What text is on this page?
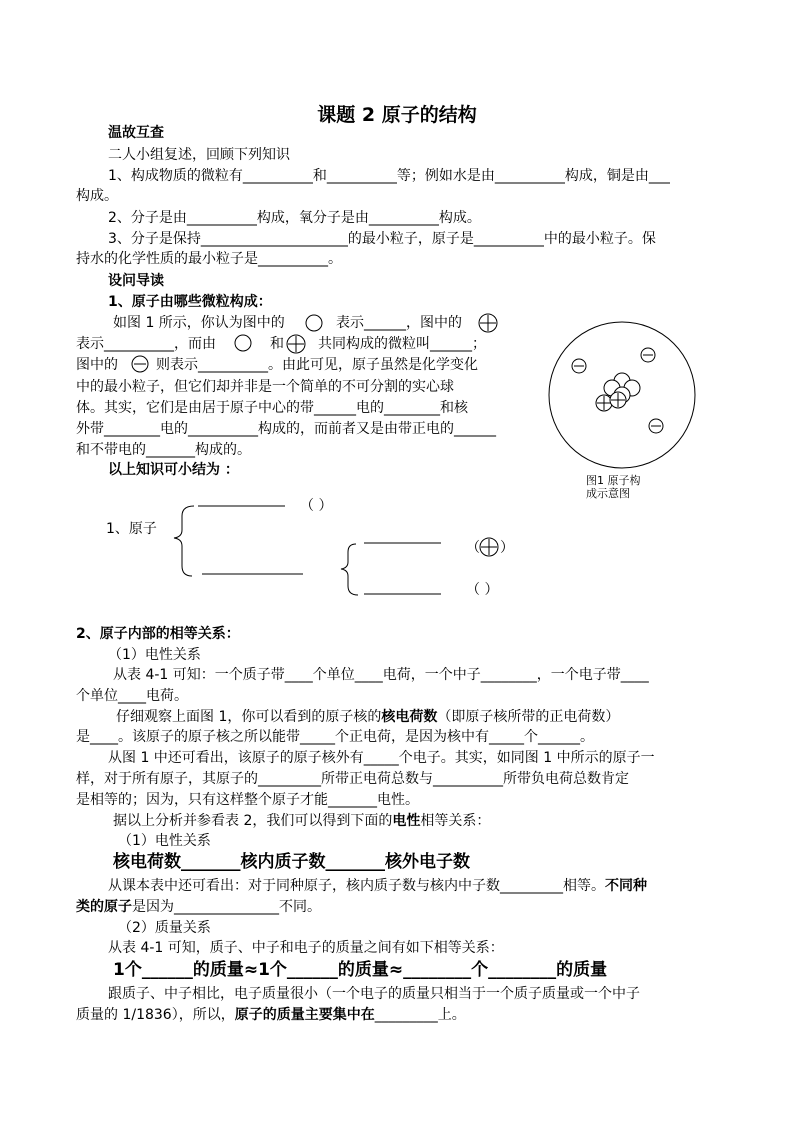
课题 2 原子的结构
温故互查
二人小组复述，回顾下列知识
1、构成物质的微粒有__________和__________等；例如水是由__________构成，铜是由___
构成。
2、分子是由__________构成，氧分子是由__________构成。
3、分子是保持_____________________的最小粒子，原子是__________中的最小粒子。保
持水的化学性质的最小粒子是__________。
设问导读
1、原子由哪些微粒构成：
如图 1 所示，你认为图中的	表示______，图中的
表示__________，而由	和 共同构成的微粒叫______；
图中的	则表示__________。由此可见，原子虽然是化学变化
中的最小粒子，但它们却并非是一个简单的不可分割的实心球
体。其实，它们是由居于原子中心的带______电的________和核
外带________电的__________构成的，而前者又是由带正电的______
和不带电的_______构成的。
图1 原子构
成示意图
以上知识可小结为 ：
1、原子
（ ）
（ ）
（ ）
2、原子内部的相等关系：
（1）电性关系
从表 4-1 可知：一个质子带____个单位____电荷，一个中子________，一个电子带____
个单位____电荷。
仔细观察上面图 1，你可以看到的原子核的核电荷数（即原子核所带的正电荷数）
是____。该原子的原子核之所以能带_____个正电荷，是因为核中有_____个______。
从图 1 中还可看出，该原子的原子核外有_____个电子。其实，如同图 1 中所示的原子一
样，对于所有原子，其原子的_________所带正电荷总数与__________所带负电荷总数肯定
是相等的；因为，只有这样整个原子才能_______电性。
据以上分析并参看表 2，我们可以得到下面的电性相等关系：
（1）电性关系
核电荷数_______核内质子数_______核外电子数
从课本表中还可看出：对于同种原子，核内质子数与核内中子数_________相等。不同种
类的原子是因为_______________不同。
（2）质量关系
从表 4-1 可知，质子、中子和电子的质量之间有如下相等关系：
1个______的质量≈1个______的质量≈________个________的质量
跟质子、中子相比，电子质量很小（一个电子的质量只相当于一个质子质量或一个中子
质量的 1/1836），所以，原子的质量主要集中在_________上。
